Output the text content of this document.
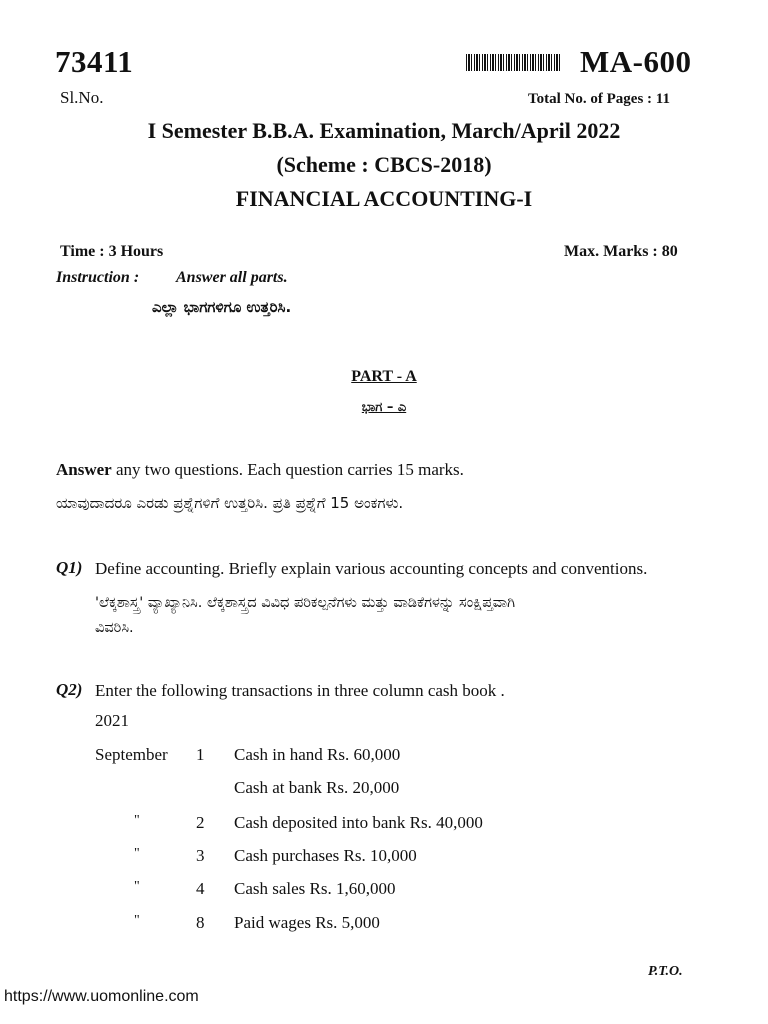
73411	MA-600
Sl.No.	Total No. of Pages : 11
I Semester B.B.A. Examination, March/April 2022
(Scheme : CBCS-2018)
FINANCIAL ACCOUNTING-I
Time : 3 Hours	Max. Marks : 80
Instruction : Answer all parts.
ಎಲ್ಲಾ ಭಾಗಗಳಿಗೂ ಉತ್ತರಿಸಿ.
PART - A
ಭಾಗ – ಎ
Answer any two questions. Each question carries 15 marks.
ಯಾವುದಾದರೂ ಎರಡು ಪ್ರಶ್ನೆಗಳಿಗೆ ಉತ್ತರಿಸಿ. ಪ್ರತಿ ಪ್ರಶ್ನೆಗೆ 15 ಅಂಕಗಳು.
Q1) Define accounting. Briefly explain various accounting concepts and conventions.
'ಲೆಕ್ಕಶಾಸ್ತ್ರ' ವ್ಯಾಖ್ಯಾನಿಸಿ. ಲೆಕ್ಕಶಾಸ್ತ್ರದ ವಿವಿಧ ಪರಿಕಲ್ಪನೆಗಳು ಮತ್ತು ವಾಡಿಕೆಗಳನ್ನು ಸಂಕ್ಷಿಪ್ತವಾಗಿ
ವಿವರಿಸಿ.
Q2) Enter the following transactions in three column cash book .
2021
September 1 Cash in hand Rs. 60,000
Cash at bank Rs. 20,000
"	2 Cash deposited into bank Rs. 40,000
"	3 Cash purchases Rs. 10,000
"	4 Cash sales Rs. 1,60,000
"	8 Paid wages Rs. 5,000
P.T.O.
https://www.uomonline.com
